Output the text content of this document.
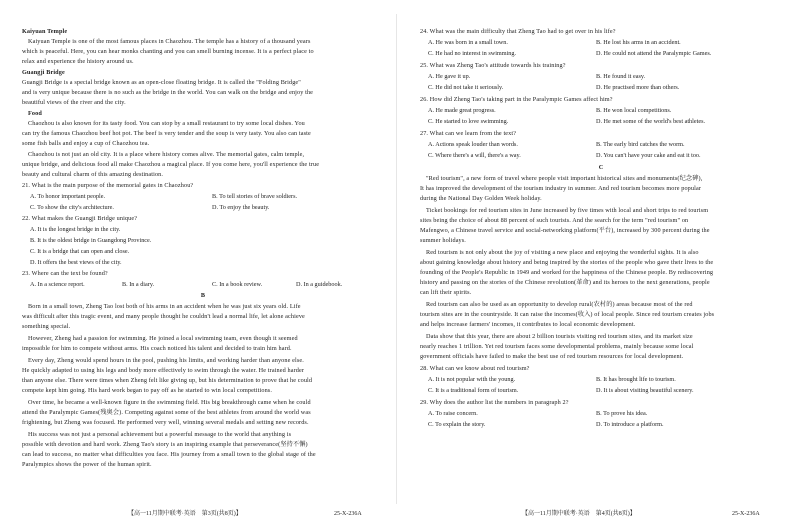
Kaiyuan Temple
Kaiyuan Temple is one of the most famous places in Chaozhou. The temple has a history of a thousand years
which is peaceful. Here, you can hear monks chanting and you can smell burning incense. It is a perfect place to
relax and experience the history around us.
Guangji Bridge
Guangji Bridge is a special bridge known as an open-close floating bridge. It is called the "Folding Bridge"
and is very unique because there is no such as the bridge in the world. You can walk on the bridge and enjoy the
beautiful views of the river and the city.
Food
Chaozhou is also known for its tasty food. You can stop by a small restaurant to try some local dishes. You
can try the famous Chaozhou beef hot pot. The beef is very tender and the soup is very tasty. You also can taste
some fish balls and enjoy a cup of Chaozhou tea.
Chaozhou is not just an old city. It is a place where history comes alive. The memorial gates, calm temple,
unique bridge, and delicious food all make Chaozhou a magical place. If you come here, you'll experience the true
beauty and cultural charm of this amazing destination.
21. What is the main purpose of the memorial gates in Chaozhou?
A. To honor important people.	B. To tell stories of brave soldiers.
C. To show the city's architecture.	D. To enjoy the beauty.
22. What makes the Guangji Bridge unique?
A. It is the longest bridge in the city.
B. It is the oldest bridge in Guangdong Province.
C. It is a bridge that can open and close.
D. It offers the best views of the city.
23. Where can the text be found?
A. In a science report.	B. In a diary.	C. In a book review.	D. In a guidebook.
B
Born in a small town, Zheng Tao lost both of his arms in an accident when he was just six years old. Life
was difficult after this tragic event, and many people thought he couldn't lead a normal life, let alone achieve
something special.
However, Zheng had a passion for swimming. He joined a local swimming team, even though it seemed
impossible for him to compete without arms. His coach noticed his talent and decided to train him hard.
Every day, Zheng would spend hours in the pool, pushing his limits, and working harder than anyone else.
He quickly adapted to using his legs and body more effectively to swim through the water. He trained harder
than anyone else. There were times when Zheng felt like giving up, but his determination to prove that he could
compete kept him going. His hard work began to pay off as he started to win local competitions.
Over time, he became a well-known figure in the swimming field. His big breakthrough came when he could
attend the Paralympic Games(残奥会). Competing against some of the best athletes from around the world was
frightening, but Zheng was focused. He performed very well, winning several medals and setting new records.
His success was not just a personal achievement but a powerful message to the world that anything is
possible with devotion and hard work. Zheng Tao's story is an inspiring example that perseverance(坚持不懈)
can lead to success, no matter what difficulties you face. His journey from a small town to the global stage of the
Paralympics shows the power of the human spirit.
24. What was the main difficulty that Zheng Tao had to get over in his life?
A. He was born in a small town.	B. He lost his arms in an accident.
C. He had no interest in swimming.	D. He could not attend the Paralympic Games.
25. What was Zheng Tao's attitude towards his training?
A. He gave it up.	B. He found it easy.
C. He did not take it seriously.	D. He practised more than others.
26. How did Zheng Tao's taking part in the Paralympic Games affect him?
A. He made great progress.	B. He won local competitions.
C. He started to love swimming.	D. He met some of the world's best athletes.
27. What can we learn from the text?
A. Actions speak louder than words.	B. The early bird catches the worm.
C. Where there's a will, there's a way.	D. You can't have your cake and eat it too.
C
"Red tourism", a new form of travel where people visit important historical sites and monuments(纪念碑),
It has improved the development of the tourism industry in summer. And red tourism becomes more popular
during the National Day Golden Week holiday.
Ticket bookings for red tourism sites in June increased by five times with local and short trips to red tourism
sites being the choice of about 88 percent of such tourists. And the search for the term "red tourism" on
Mafengwo, a Chinese travel service and social-networking platform(平台), increased by 300 percent during the
summer holidays.
Red tourism is not only about the joy of visiting a new place and enjoying the wonderful sights. It is also
about gaining knowledge about history and being inspired by the stories of the people who gave their lives to the
founding of the People's Republic in 1949 and worked for the happiness of the Chinese people. By rediscovering
history and passing on the stories of the Chinese revolution(革命) and its heroes to the next generations, people
can lift their spirits.
Red tourism can also be used as an opportunity to develop rural(农村的) areas because most of the red
tourism sites are in the countryside. It can raise the incomes(收入) of local people. Since red tourism creates jobs
and helps increase farmers' incomes, it contributes to local economic development.
Data show that this year, there are about 2 billion tourists visiting red tourism sites, and its market size
nearly reaches 1 trillion. Yet red tourism faces some developmental problems, mainly because some local
government officials have failed to make the best use of red tourism resources for local development.
28. What can we know about red tourism?
A. It is not popular with the young.	B. It has brought life to tourism.
C. It is a traditional form of tourism.	D. It is about visiting beautiful scenery.
29. Why does the author list the numbers in paragraph 2?
A. To raise concern.	B. To prove his idea.
C. To explain the story.	D. To introduce a platform.
【高一11月期中联考·英语　第3页(共8页)】	25-X-236A	【高一11月期中联考·英语　第4页(共8页)】	25-X-236A
